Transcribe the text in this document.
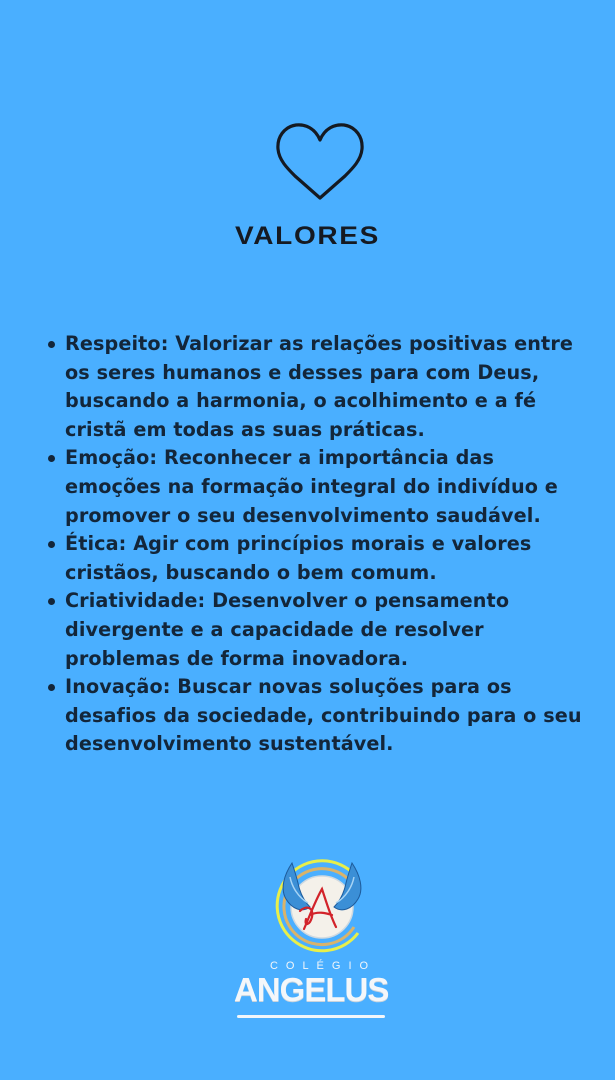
VALORES
Respeito: Valorizar as relações positivas entre os seres humanos e desses para com Deus, buscando a harmonia, o acolhimento e a fé cristã em todas as suas práticas.
Emoção: Reconhecer a importância das emoções na formação integral do indivíduo e promover o seu desenvolvimento saudável.
Ética: Agir com princípios morais e valores cristãos, buscando o bem comum.
Criatividade: Desenvolver o pensamento divergente e a capacidade de resolver problemas de forma inovadora.
Inovação: Buscar novas soluções para os desafios da sociedade, contribuindo para o seu desenvolvimento sustentável.
COLÉGIO
ANGELUS
